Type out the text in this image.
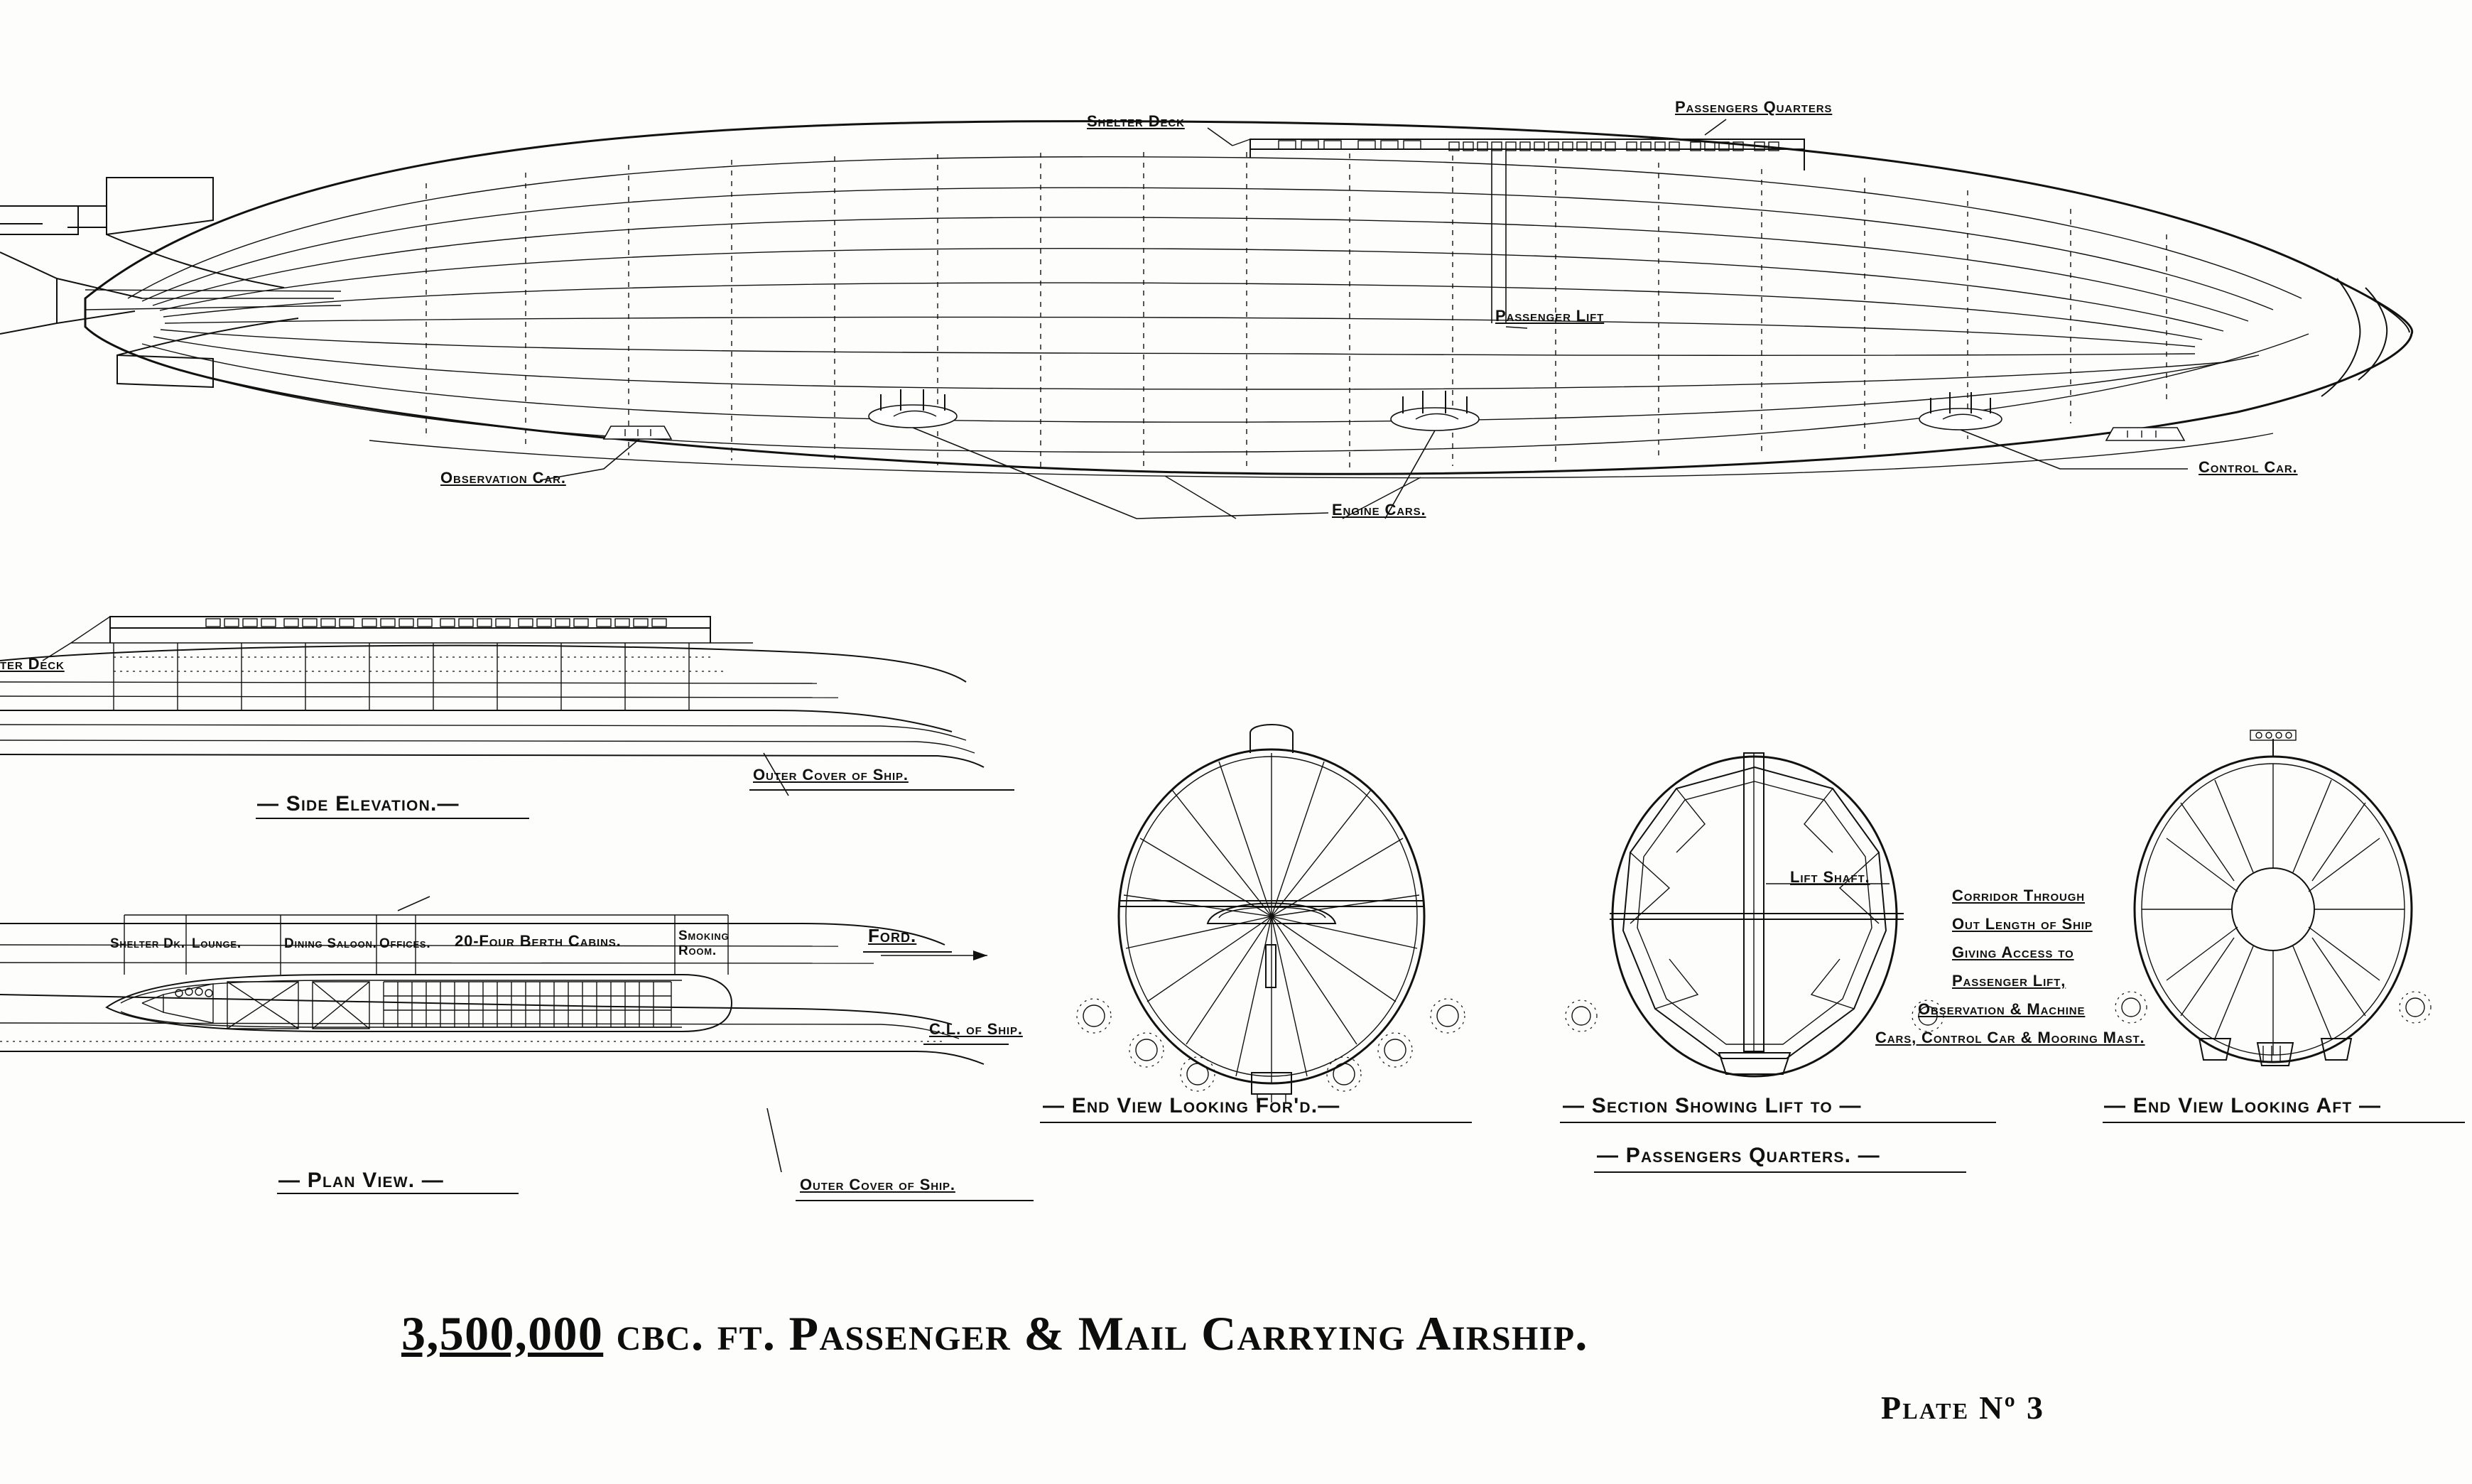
Shelter Deck
Passengers Quarters
Passenger Lift
Observation Car.
Engine Cars.
Control Car.
ter Deck
— Side Elevation.—
Outer Cover of Ship.
— Plan View. —	Outer Cover of Ship.
Ford.
C.L. of Ship.
Shelter Dk. Lounge.	Dining Saloon. Offices. 20-Four Berth Cabins.	Smoking Room.
— End View Looking For'd.—
Lift Shaft.
— Section Showing Lift to —
— Passengers Quarters. —
— End View Looking Aft —
Corridor Through
Out Length of Ship
Giving Access to
Passenger Lift,
Observation & Machine
Cars, Control Car & Mooring Mast.
3,500,000 cbc. ft. Passenger & Mail Carrying Airship.
Plate Nº 3
